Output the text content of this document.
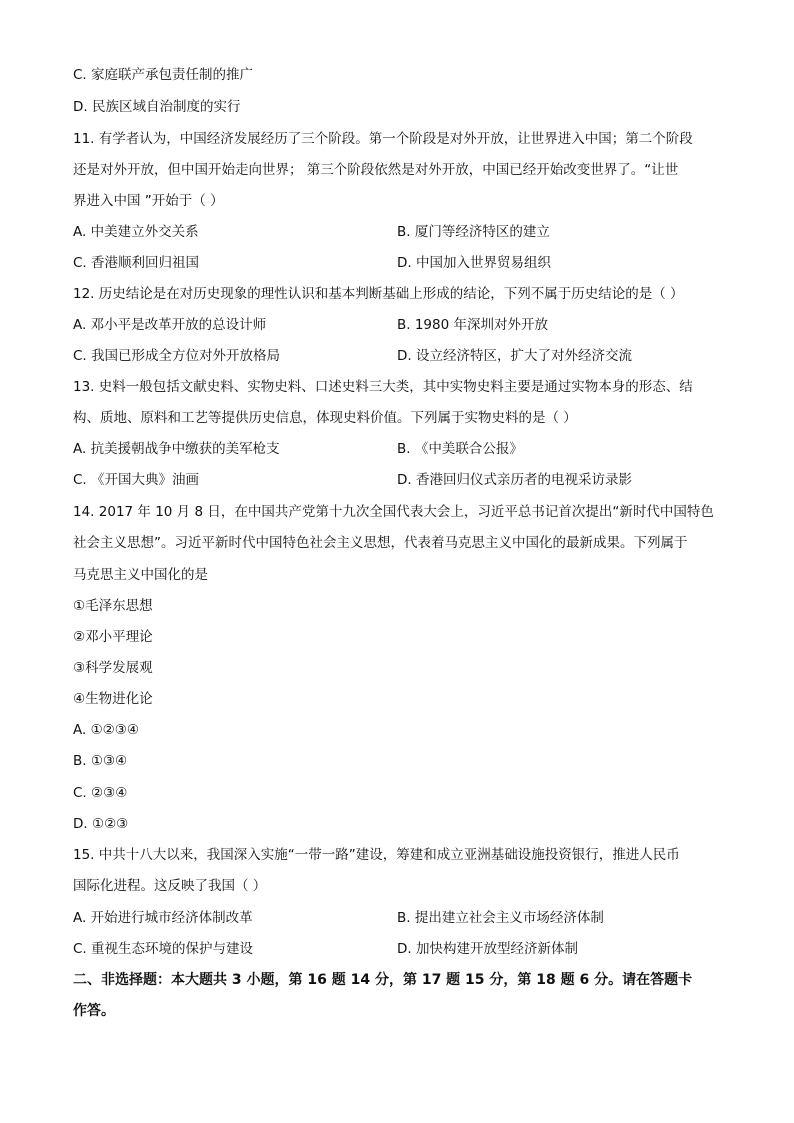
C. 家庭联产承包责任制的推广
D. 民族区域自治制度的实行
11. 有学者认为，中国经济发展经历了三个阶段。第一个阶段是对外开放，让世界进入中国；第二个阶段
还是对外开放，但中国开始走向世界； 第三个阶段依然是对外开放，中国已经开始改变世界了。“让世
界进入中国 ”开始于（ ）
A. 中美建立外交关系	B. 厦门等经济特区的建立
C. 香港顺利回归祖国	D. 中国加入世界贸易组织
12. 历史结论是在对历史现象的理性认识和基本判断基础上形成的结论，下列不属于历史结论的是（ ）
A. 邓小平是改革开放的总设计师	B. 1980 年深圳对外开放
C. 我国已形成全方位对外开放格局	D. 设立经济特区，扩大了对外经济交流
13. 史料一般包括文献史料、实物史料、口述史料三大类，其中实物史料主要是通过实物本身的形态、结
构、质地、原料和工艺等提供历史信息，体现史料价值。下列属于实物史料的是（ ）
A. 抗美援朝战争中缴获的美军枪支	B. 《中美联合公报》
C. 《开国大典》油画	D. 香港回归仪式亲历者的电视采访录影
14. 2017 年 10 月 8 日，在中国共产党第十九次全国代表大会上，习近平总书记首次提出“新时代中国特色
社会主义思想”。习近平新时代中国特色社会主义思想，代表着马克思主义中国化的最新成果。下列属于
马克思主义中国化的是
①毛泽东思想
②邓小平理论
③科学发展观
④生物进化论
A. ①②③④
B. ①③④
C. ②③④
D. ①②③
15. 中共十八大以来，我国深入实施“一带一路”建设，筹建和成立亚洲基础设施投资银行，推进人民币
国际化进程。这反映了我国（ ）
A. 开始进行城市经济体制改革	B. 提出建立社会主义市场经济体制
C. 重视生态环境的保护与建设	D. 加快构建开放型经济新体制
二、非选择题：本大题共 3 小题，第 16 题 14 分，第 17 题 15 分，第 18 题 6 分。请在答题卡
作答。
